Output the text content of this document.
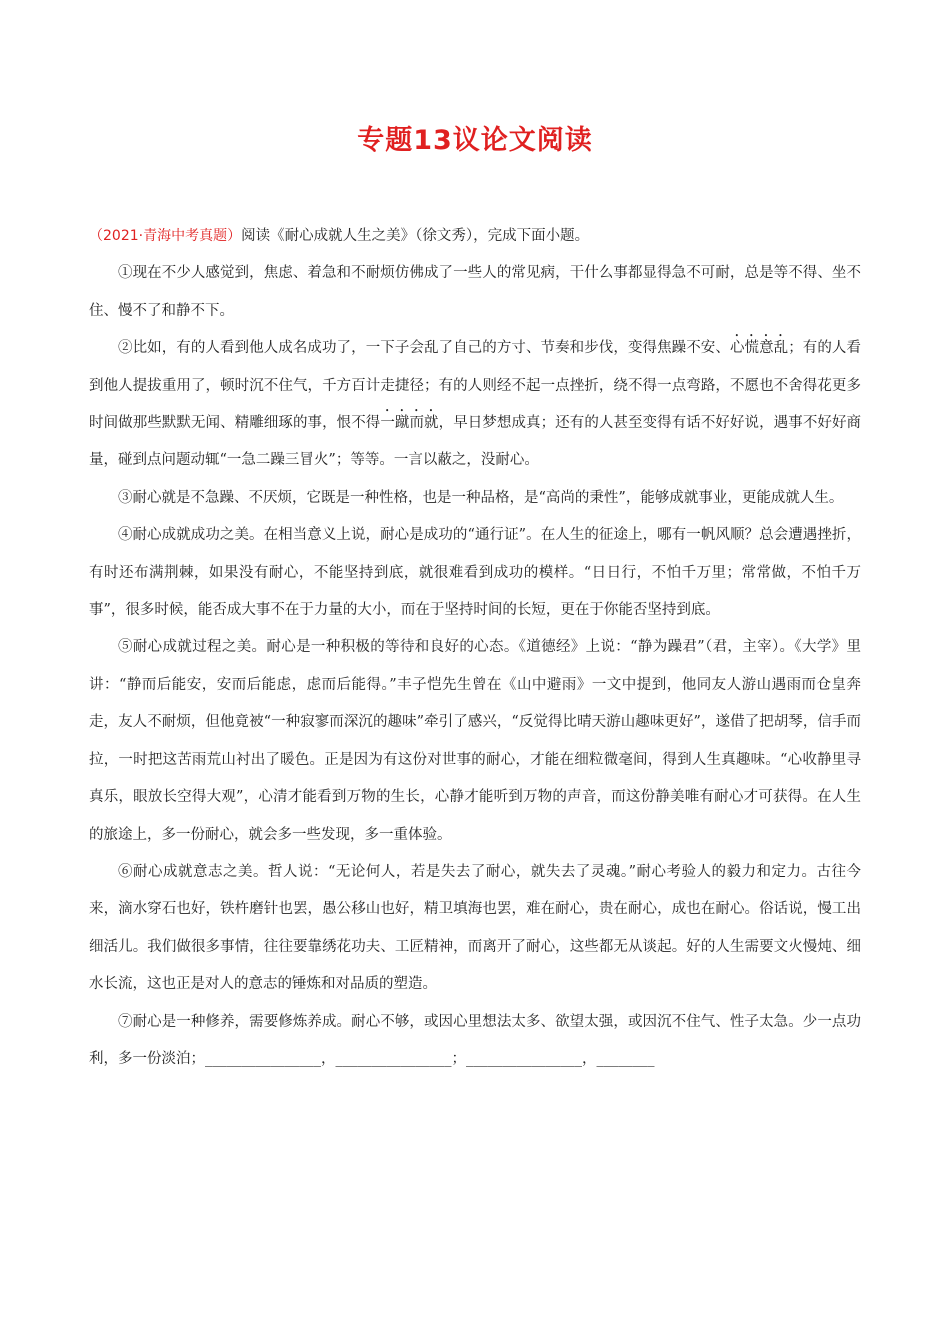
专题13议论文阅读

（2021·青海中考真题）阅读《耐心成就人生之美》（徐文秀），完成下面小题。

①现在不少人感觉到，焦虑、着急和不耐烦仿佛成了一些人的常见病，干什么事都显得急不可耐，总是等不得、坐不住、慢不了和静不下。

②比如，有的人看到他人成名成功了，一下子会乱了自己的方寸、节奏和步伐，变得焦躁不安、心慌意乱；有的人看到他人提拔重用了，顿时沉不住气，千方百计走捷径；有的人则经不起一点挫折，绕不得一点弯路，不愿也不舍得花更多时间做那些默默无闻、精雕细琢的事，恨不得一蹴而就，早日梦想成真；还有的人甚至变得有话不好好说，遇事不好好商量，碰到点问题动辄“一急二躁三冒火”；等等。一言以蔽之，没耐心。

③耐心就是不急躁、不厌烦，它既是一种性格，也是一种品格，是“高尚的秉性”，能够成就事业，更能成就人生。

④耐心成就成功之美。在相当意义上说，耐心是成功的“通行证”。在人生的征途上，哪有一帆风顺？总会遭遇挫折，有时还布满荆棘，如果没有耐心，不能坚持到底，就很难看到成功的模样。“日日行，不怕千万里；常常做，不怕千万事”，很多时候，能否成大事不在于力量的大小，而在于坚持时间的长短，更在于你能否坚持到底。

⑤耐心成就过程之美。耐心是一种积极的等待和良好的心态。《道德经》上说：“静为躁君”（君，主宰）。《大学》里讲：“静而后能安，安而后能虑，虑而后能得。”丰子恺先生曾在《山中避雨》一文中提到，他同友人游山遇雨而仓皇奔走，友人不耐烦，但他竟被“一种寂寥而深沉的趣味”牵引了感兴，“反觉得比晴天游山趣味更好”，遂借了把胡琴，信手而拉，一时把这苦雨荒山衬出了暖色。正是因为有这份对世事的耐心，才能在细粒微毫间，得到人生真趣味。“心收静里寻真乐，眼放长空得大观”，心清才能看到万物的生长，心静才能听到万物的声音，而这份静美唯有耐心才可获得。在人生的旅途上，多一份耐心，就会多一些发现，多一重体验。

⑥耐心成就意志之美。哲人说：“无论何人，若是失去了耐心，就失去了灵魂。”耐心考验人的毅力和定力。古往今来，滴水穿石也好，铁杵磨针也罢，愚公移山也好，精卫填海也罢，难在耐心，贵在耐心，成也在耐心。俗话说，慢工出细活儿。我们做很多事情，往往要靠绣花功夫、工匠精神，而离开了耐心，这些都无从谈起。好的人生需要文火慢炖、细水长流，这也正是对人的意志的锤炼和对品质的塑造。

⑦耐心是一种修养，需要修炼养成。耐心不够，或因心里想法太多、欲望太强，或因沉不住气、性子太急。少一点功利，多一份淡泊；________________，________________；________________，________
